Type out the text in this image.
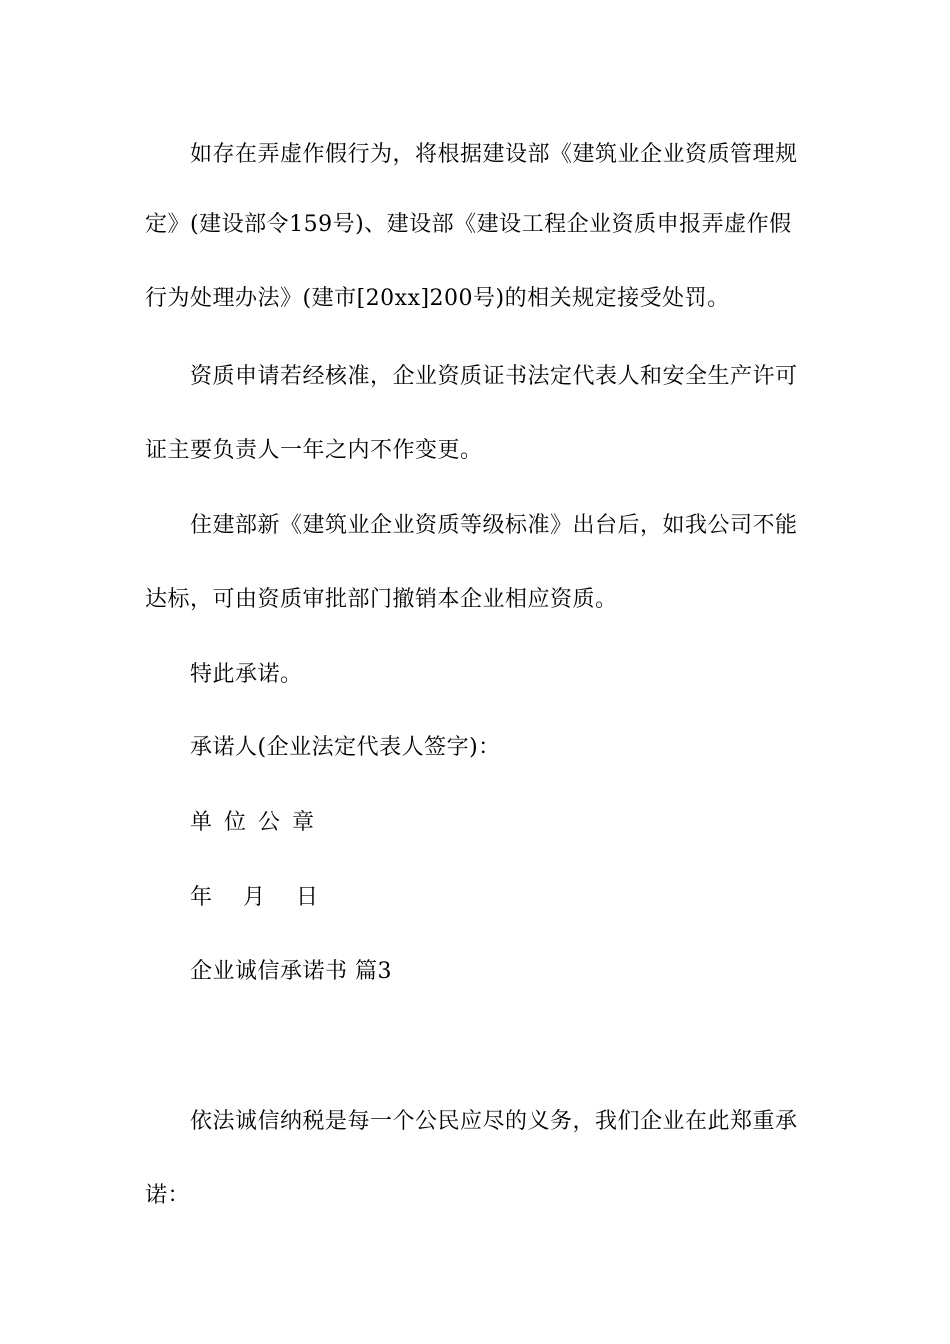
如存在弄虚作假行为，将根据建设部《建筑业企业资质管理规
定》(建设部令159号)、建设部《建设工程企业资质申报弄虚作假
行为处理办法》(建市[20xx]200号)的相关规定接受处罚。
资质申请若经核准，企业资质证书法定代表人和安全生产许可
证主要负责人一年之内不作变更。
住建部新《建筑业企业资质等级标准》出台后，如我公司不能
达标，可由资质审批部门撤销本企业相应资质。
特此承诺。
承诺人(企业法定代表人签字)：
单位公章
年 月 日
企业诚信承诺书 篇3
依法诚信纳税是每一个公民应尽的义务，我们企业在此郑重承
诺：
